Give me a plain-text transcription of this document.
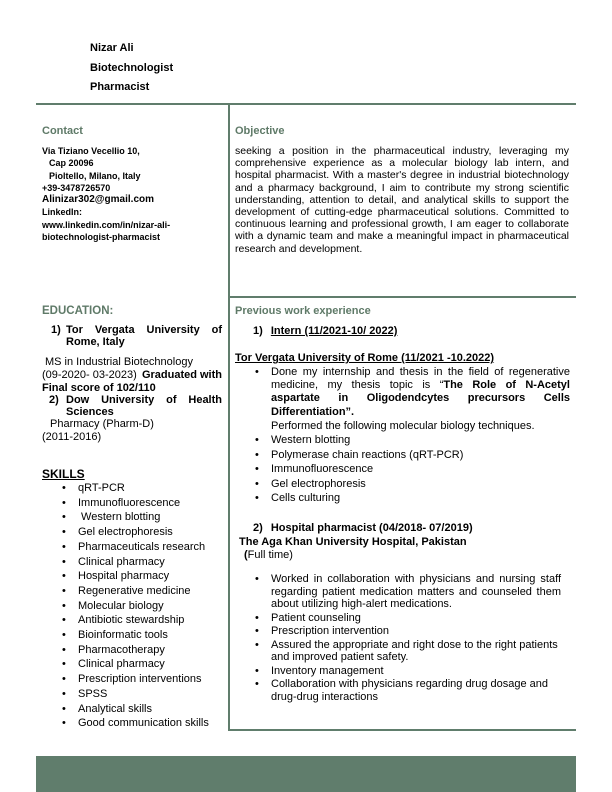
Nizar Ali
Biotechnologist
Pharmacist
Contact
Via Tiziano Vecellio 10,
Cap 20096
Pioltello, Milano, Italy
+39-3478726570
Alinizar302@gmail.com
LinkedIn:
www.linkedin.com/in/nizar-ali-
biotechnologist-pharmacist
Objective
seeking a position in the pharmaceutical industry, leveraging my comprehensive experience as a molecular biology lab intern, and hospital pharmacist. With a master's degree in industrial biotechnology and a pharmacy background, I aim to contribute my strong scientific understanding, attention to detail, and analytical skills to support the development of cutting-edge pharmaceutical solutions. Committed to continuous learning and professional growth, I am eager to collaborate with a dynamic team and make a meaningful impact in pharmaceutical research and development.
EDUCATION:
1) Tor Vergata University of Rome, Italy
MS in Industrial Biotechnology
(09-2020- 03-2023) Graduated with
Final score of 102/110
2) Dow University of Health Sciences
Pharmacy (Pharm-D)
(2011-2016)
SKILLS
• qRT-PCR
• Immunofluorescence
•  Western blotting
• Gel electrophoresis
• Pharmaceuticals research
• Clinical pharmacy
• Hospital pharmacy
• Regenerative medicine
• Molecular biology
• Antibiotic stewardship
• Bioinformatic tools
• Pharmacotherapy
• Clinical pharmacy
• Prescription interventions
• SPSS
• Analytical skills
• Good communication skills
Previous work experience
1) Intern (11/2021-10/ 2022)
Tor Vergata University of Rome (11/2021 -10.2022)
• Done my internship and thesis in the field of regenerative medicine, my thesis topic is “The Role of N-Acetyl aspartate in Oligodendcytes precursors Cells Differentiation”.
Performed the following molecular biology techniques.
• Western blotting
• Polymerase chain reactions (qRT-PCR)
• Immunofluorescence
• Gel electrophoresis
• Cells culturing
2) Hospital pharmacist (04/2018- 07/2019)
The Aga Khan University Hospital, Pakistan
(Full time)
• Worked in collaboration with physicians and nursing staff regarding patient medication matters and counseled them about utilizing high-alert medications.
• Patient counseling
• Prescription intervention
• Assured the appropriate and right dose to the right patients and improved patient safety.
• Inventory management
• Collaboration with physicians regarding drug dosage and drug-drug interactions
